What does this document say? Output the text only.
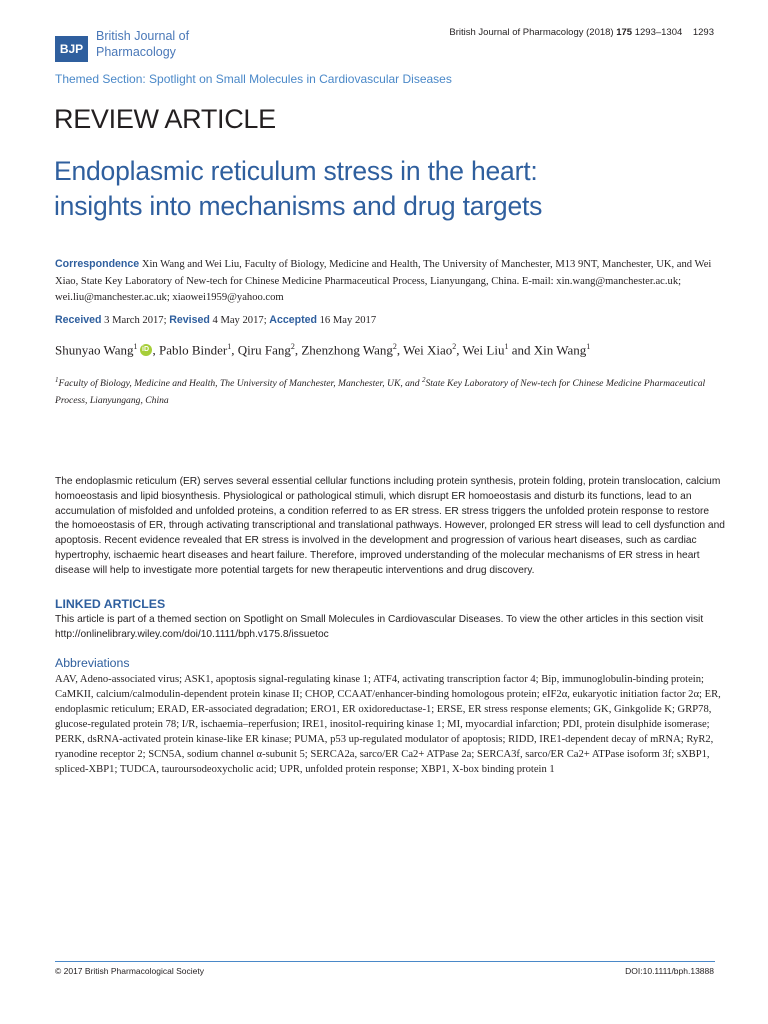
BJP
British Journal of Pharmacology
British Journal of Pharmacology (2018) 175 1293–1304 1293
Themed Section: Spotlight on Small Molecules in Cardiovascular Diseases
REVIEW ARTICLE
Endoplasmic reticulum stress in the heart:
insights into mechanisms and drug targets
Correspondence Xin Wang and Wei Liu, Faculty of Biology, Medicine and Health, The University of Manchester, M13 9NT, Manchester, UK, and Wei Xiao, State Key Laboratory of New-tech for Chinese Medicine Pharmaceutical Process, Lianyungang, China. E-mail: xin.wang@manchester.ac.uk; wei.liu@manchester.ac.uk; xiaowei1959@yahoo.com
Received 3 March 2017; Revised 4 May 2017; Accepted 16 May 2017
Shunyao Wang$^1$ iD , Pablo Binder$^1$, Qiru Fang$^2$, Zhenzhong Wang$^2$, Wei Xiao$^2$, Wei Liu$^1$ and Xin Wang$^1$
$^1$Faculty of Biology, Medicine and Health, The University of Manchester, Manchester, UK, and $^2$State Key Laboratory of New-tech for Chinese Medicine Pharmaceutical Process, Lianyungang, China
The endoplasmic reticulum (ER) serves several essential cellular functions including protein synthesis, protein folding, protein translocation, calcium homoeostasis and lipid biosynthesis. Physiological or pathological stimuli, which disrupt ER homoeostasis and disturb its functions, lead to an accumulation of misfolded and unfolded proteins, a condition referred to as ER stress. ER stress triggers the unfolded protein response to restore the homoeostasis of ER, through activating transcriptional and translational pathways. However, prolonged ER stress will lead to cell dysfunction and apoptosis. Recent evidence revealed that ER stress is involved in the development and progression of various heart diseases, such as cardiac hypertrophy, ischaemic heart diseases and heart failure. Therefore, improved understanding of the molecular mechanisms of ER stress in heart disease will help to investigate more potential targets for new therapeutic interventions and drug discovery.
LINKED ARTICLES
This article is part of a themed section on Spotlight on Small Molecules in Cardiovascular Diseases. To view the other articles in this section visit http://onlinelibrary.wiley.com/doi/10.1111/bph.v175.8/issuetoc
Abbreviations
AAV, Adeno-associated virus; ASK1, apoptosis signal-regulating kinase 1; ATF4, activating transcription factor 4; Bip, immunoglobulin-binding protein; CaMKII, calcium/calmodulin-dependent protein kinase II; CHOP, CCAAT/enhancer-binding homologous protein; eIF2α, eukaryotic initiation factor 2α; ER, endoplasmic reticulum; ERAD, ER-associated degradation; ERO1, ER oxidoreductase-1; ERSE, ER stress response elements; GK, Ginkgolide K; GRP78, glucose-regulated protein 78; I/R, ischaemia–reperfusion; IRE1, inositol-requiring kinase 1; MI, myocardial infarction; PDI, protein disulphide isomerase; PERK, dsRNA-activated protein kinase-like ER kinase; PUMA, p53 up-regulated modulator of apoptosis; RIDD, IRE1-dependent decay of mRNA; RyR2, ryanodine receptor 2; SCN5A, sodium channel α-subunit 5; SERCA2a, sarco/ER Ca2+ ATPase 2a; SERCA3f, sarco/ER Ca2+ ATPase isoform 3f; sXBP1, spliced-XBP1; TUDCA, tauroursodeoxycholic acid; UPR, unfolded protein response; XBP1, X-box binding protein 1
© 2017 British Pharmacological Society	DOI:10.1111/bph.13888
